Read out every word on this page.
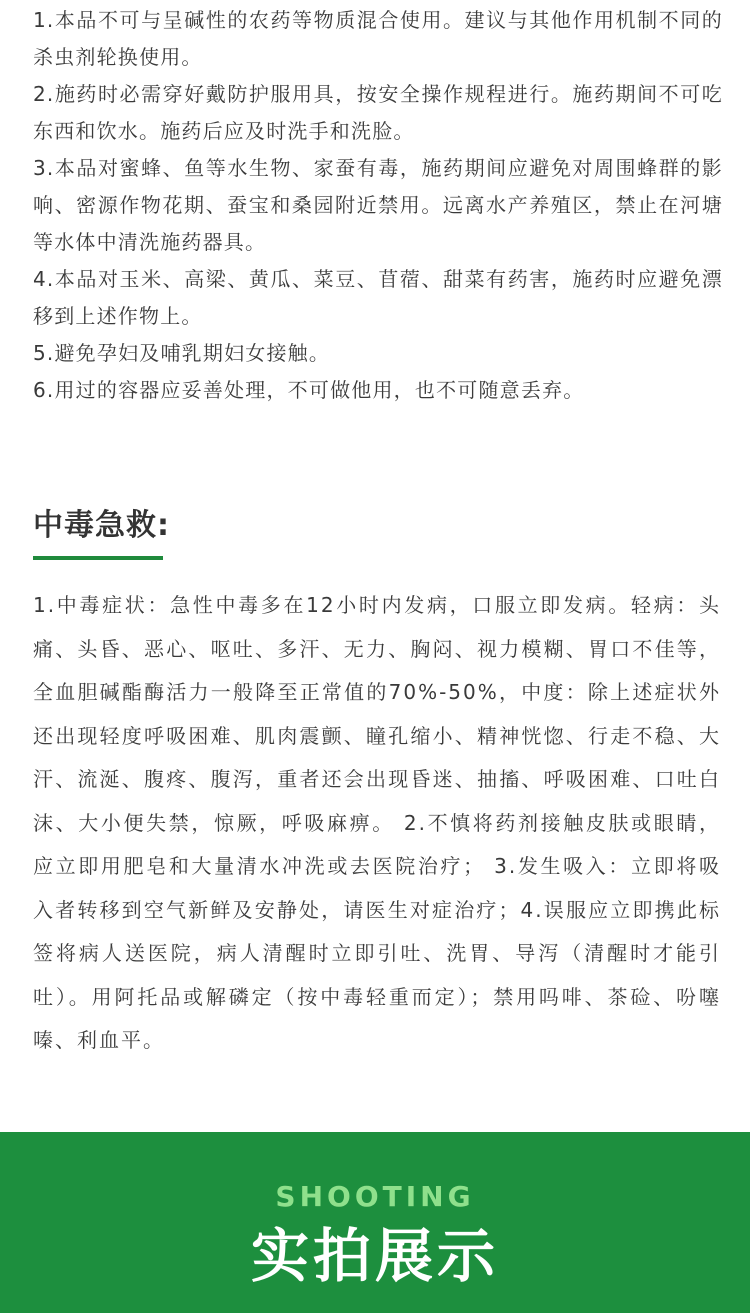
1.本品不可与呈碱性的农药等物质混合使用。建议与其他作用机制不同的杀虫剂轮换使用。
2.施药时必需穿好戴防护服用具，按安全操作规程进行。施药期间不可吃东西和饮水。施药后应及时洗手和洗脸。
3.本品对蜜蜂、鱼等水生物、家蚕有毒，施药期间应避免对周围蜂群的影响、密源作物花期、蚕宝和桑园附近禁用。远离水产养殖区，禁止在河塘等水体中清洗施药器具。
4.本品对玉米、高梁、黄瓜、菜豆、苜蓿、甜菜有药害，施药时应避免漂移到上述作物上。
5.避免孕妇及哺乳期妇女接触。
6.用过的容器应妥善处理，不可做他用，也不可随意丢弃。
中毒急救:

1.中毒症状：急性中毒多在12小时内发病，口服立即发病。轻病：头痛、头昏、恶心、呕吐、多汗、无力、胸闷、视力模糊、胃口不佳等，全血胆碱酯酶活力一般降至正常值的70%-50%，中度：除上述症状外还出现轻度呼吸困难、肌肉震颤、瞳孔缩小、精神恍惚、行走不稳、大汗、流涎、腹疼、腹泻，重者还会出现昏迷、抽搐、呼吸困难、口吐白沫、大小便失禁，惊厥，呼吸麻痹。 2.不慎将药剂接触皮肤或眼睛，应立即用肥皂和大量清水冲洗或去医院治疗； 3.发生吸入：立即将吸入者转移到空气新鲜及安静处，请医生对症治疗；4.误服应立即携此标签将病人送医院，病人清醒时立即引吐、洗胃、导泻（清醒时才能引吐）。用阿托品或解磷定（按中毒轻重而定）；禁用吗啡、茶硷、吩噻嗪、利血平。

SHOOTING
实拍展示
